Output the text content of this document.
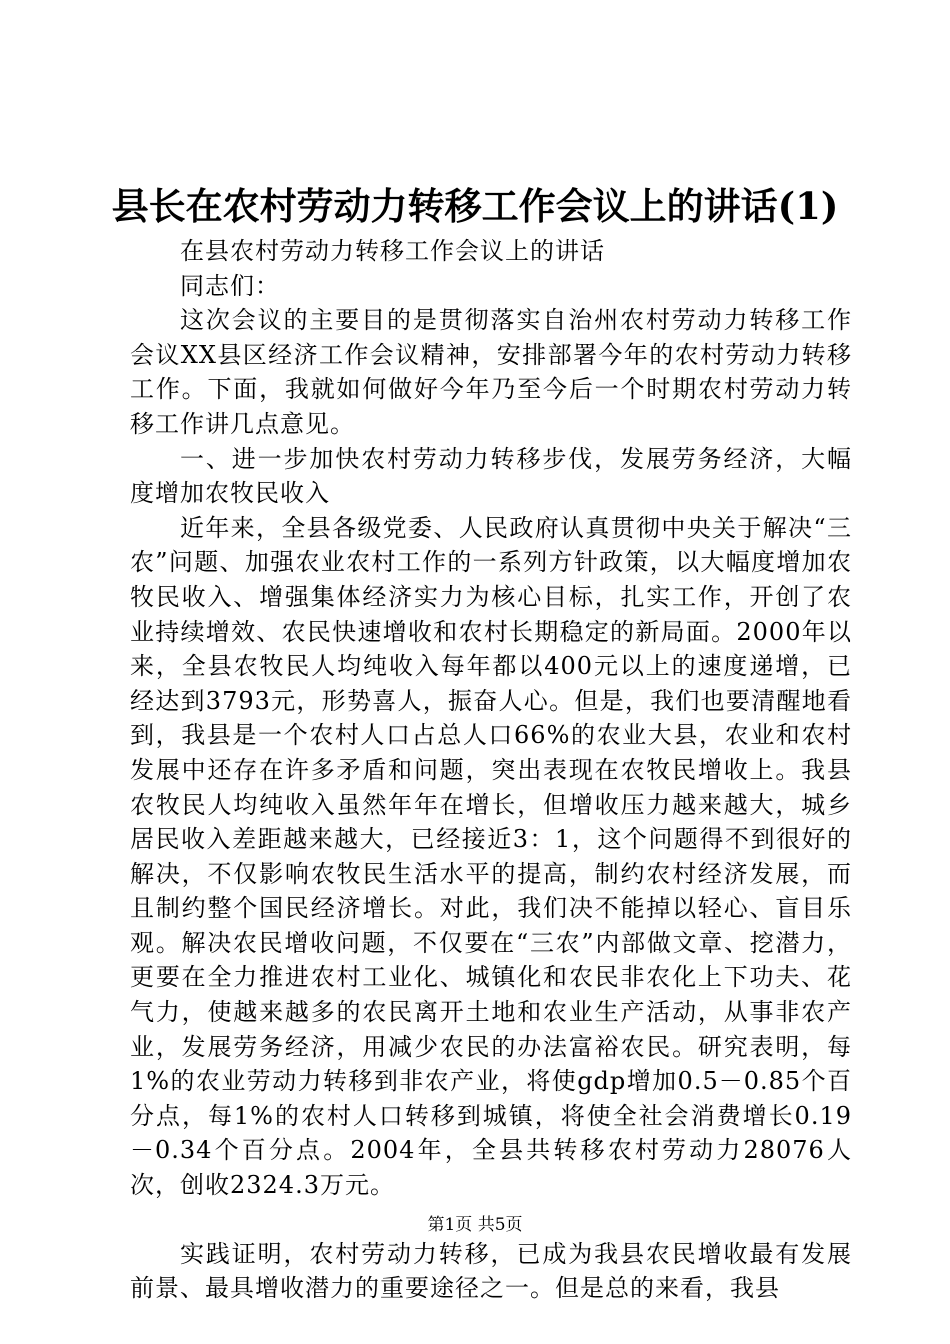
县长在农村劳动力转移工作会议上的讲话(1)

在县农村劳动力转移工作会议上的讲话

同志们：

这次会议的主要目的是贯彻落实自治州农村劳动力转移工作会议XX县区经济工作会议精神，安排部署今年的农村劳动力转移工作。下面，我就如何做好今年乃至今后一个时期农村劳动力转移工作讲几点意见。

一、进一步加快农村劳动力转移步伐，发展劳务经济，大幅度增加农牧民收入

近年来，全县各级党委、人民政府认真贯彻中央关于解决“三农”问题、加强农业农村工作的一系列方针政策，以大幅度增加农牧民收入、增强集体经济实力为核心目标，扎实工作，开创了农业持续增效、农民快速增收和农村长期稳定的新局面。2000年以来，全县农牧民人均纯收入每年都以400元以上的速度递增，已经达到3793元，形势喜人，振奋人心。但是，我们也要清醒地看到，我县是一个农村人口占总人口66%的农业大县，农业和农村发展中还存在许多矛盾和问题，突出表现在农牧民增收上。我县农牧民人均纯收入虽然年年在增长，但增收压力越来越大，城乡居民收入差距越来越大，已经接近3：1，这个问题得不到很好的解决，不仅影响农牧民生活水平的提高，制约农村经济发展，而且制约整个国民经济增长。对此，我们决不能掉以轻心、盲目乐观。解决农民增收问题，不仅要在“三农”内部做文章、挖潜力，更要在全力推进农村工业化、城镇化和农民非农化上下功夫、花气力，使越来越多的农民离开土地和农业生产活动，从事非农产业，发展劳务经济，用减少农民的办法富裕农民。研究表明，每1%的农业劳动力转移到非农产业，将使gdp增加0.5－0.85个百分点，每1%的农村人口转移到城镇，将使全社会消费增长0.19－0.34个百分点。2004年，全县共转移农村劳动力28076人次，创收2324.3万元。

实践证明，农村劳动力转移，已成为我县农民增收最有发展前景、最具增收潜力的重要途径之一。但是总的来看，我县

第1页 共5页
